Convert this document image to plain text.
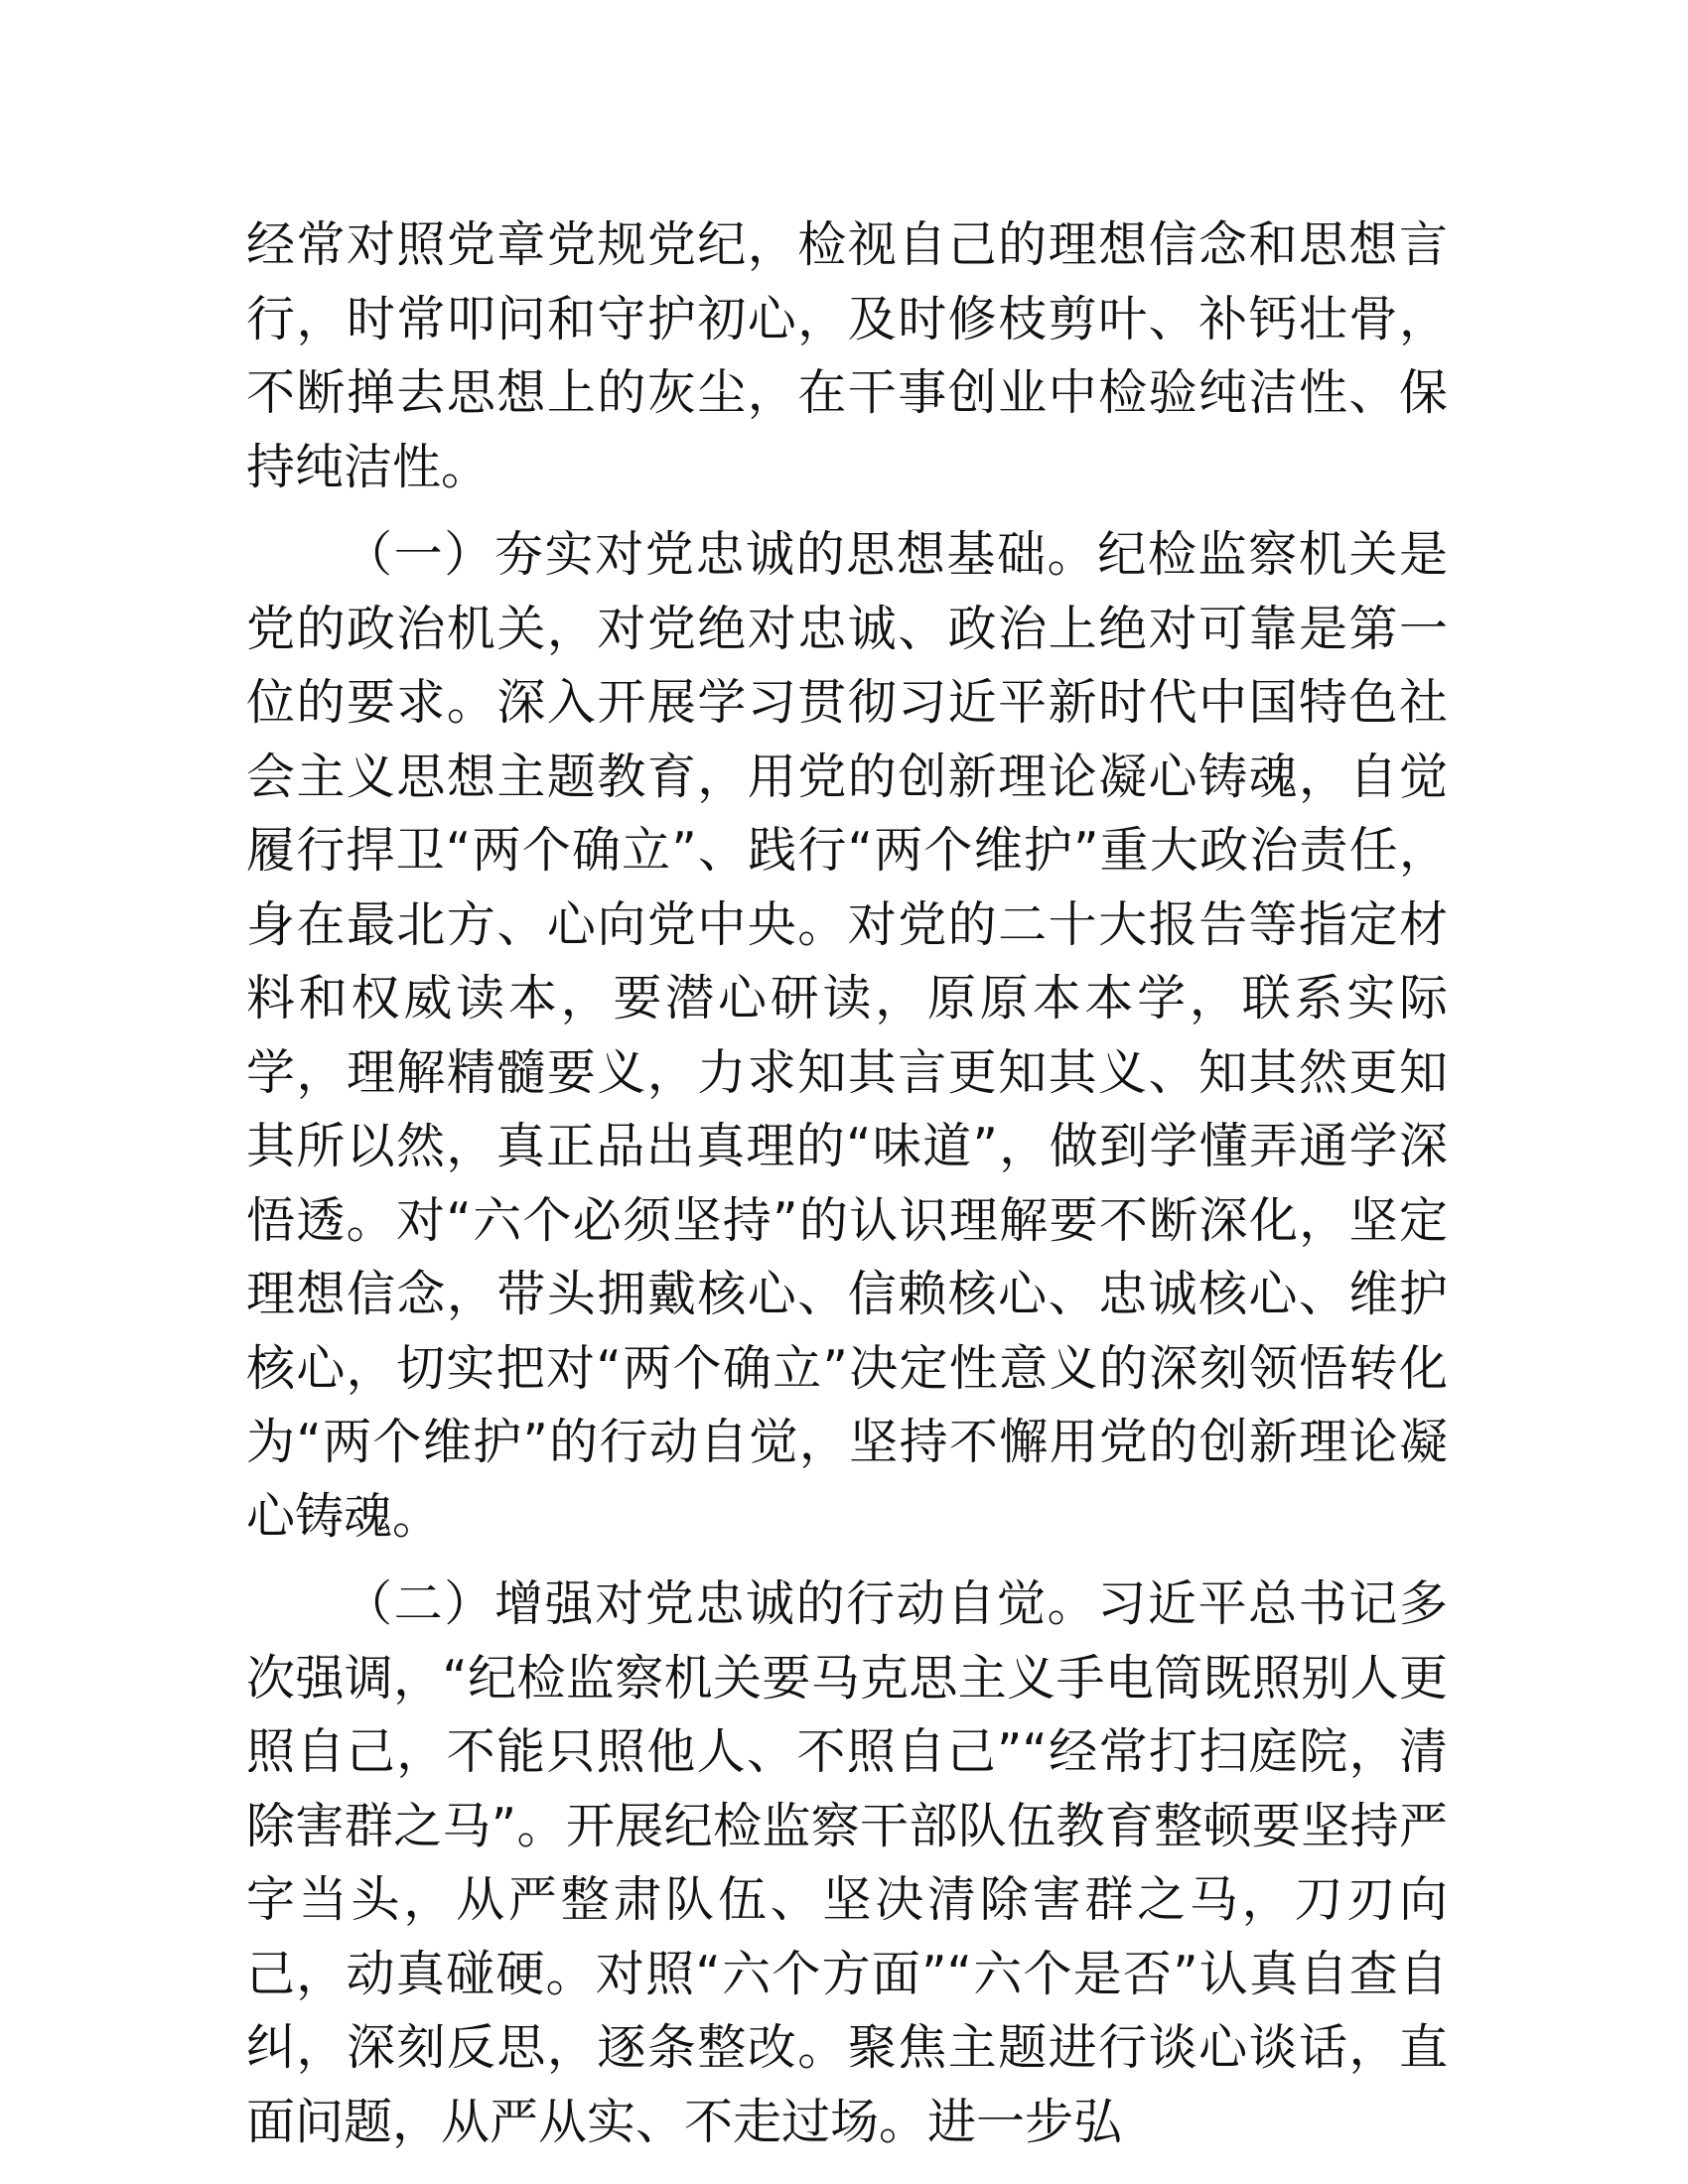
经常对照党章党规党纪，检视自己的理想信念和思想言行，时常叩问和守护初心，及时修枝剪叶、补钙壮骨，不断掸去思想上的灰尘，在干事创业中检验纯洁性、保持纯洁性。

（一）夯实对党忠诚的思想基础。纪检监察机关是党的政治机关，对党绝对忠诚、政治上绝对可靠是第一位的要求。深入开展学习贯彻习近平新时代中国特色社会主义思想主题教育，用党的创新理论凝心铸魂，自觉履行捍卫“两个确立”、践行“两个维护”重大政治责任，身在最北方、心向党中央。对党的二十大报告等指定材料和权威读本，要潜心研读，原原本本学，联系实际学，理解精髓要义，力求知其言更知其义、知其然更知其所以然，真正品出真理的“味道”，做到学懂弄通学深悟透。对“六个必须坚持”的认识理解要不断深化，坚定理想信念，带头拥戴核心、信赖核心、忠诚核心、维护核心，切实把对“两个确立”决定性意义的深刻领悟转化为“两个维护”的行动自觉，坚持不懈用党的创新理论凝心铸魂。

（二）增强对党忠诚的行动自觉。习近平总书记多次强调，“纪检监察机关要马克思主义手电筒既照别人更照自己，不能只照他人、不照自己”“经常打扫庭院，清除害群之马”。开展纪检监察干部队伍教育整顿要坚持严字当头，从严整肃队伍、坚决清除害群之马，刀刃向己，动真碰硬。对照“六个方面”“六个是否”认真自查自纠，深刻反思，逐条整改。聚焦主题进行谈心谈话，直面问题，从严从实、不走过场。进一步弘
